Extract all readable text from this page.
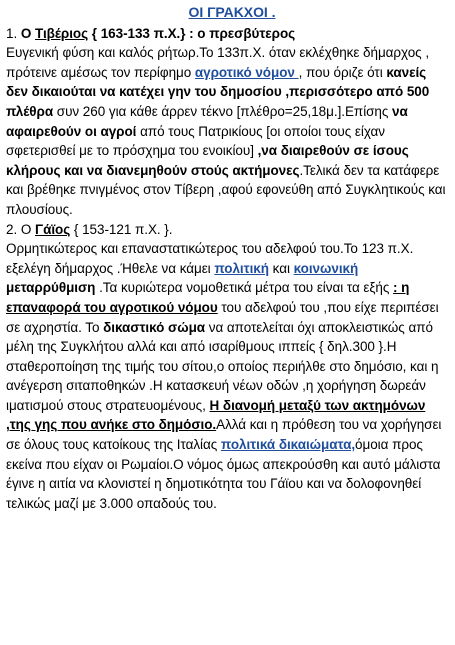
ΟΙ ΓΡΑΚΧΟΙ .

1. Ο Τιβέριος { 163-133 π.Χ.} : ο πρεσβύτερος
Ευγενική φύση και καλός ρήτωρ.Το 133π.Χ. όταν εκλέχθηκε δήμαρχος , πρότεινε αμέσως τον περίφημο αγροτικό νόμον , που όριζε ότι κανείς δεν δικαιούται να κατέχει γην του δημοσίου ,περισσότερο από 500 πλέθρα συν 260 για κάθε άρρεν τέκνο [πλέθρο=25,18μ.].Επίσης να αφαιρεθούν οι αγροί από τους Πατρικίους [οι οποίοι τους είχαν σφετερισθεί με το πρόσχημα του ενοικίου] ,να διαιρεθούν σε ίσους κλήρους και να διανεμηθούν στούς ακτήμονες.Τελικά δεν τα κατάφερε και βρέθηκε πνιγμένος στον Τίβερη ,αφού εφονεύθη από Συγκλητικούς και πλουσίους.

2. Ο Γάϊος { 153-121 π.Χ. }.
Ορμητικώτερος και επαναστατικώτερος του αδελφού του.Το 123 π.Χ. εξελέγη δήμαρχος .Ήθελε να κάμει πολιτική και κοινωνική μεταρρύθμιση .Τα κυριώτερα νομοθετικά μέτρα του είναι τα εξής : η επαναφορά του αγροτικού νόμου του αδελφού του ,που είχε περιπέσει σε αχρηστία. Το δικαστικό σώμα να αποτελείται όχι αποκλειστικώς από μέλη της Συγκλήτου αλλά και από ισαρίθμους ιππείς { δηλ.300 }.Η σταθεροποίηση της τιμής του σίτου,ο οποίος περιήλθε στο δημόσιο, και η ανέγερση σιταποθηκών .Η κατασκευή νέων οδών ,η χορήγηση δωρεάν ιματισμού στους στρατευομένους, Η διανομή μεταξύ των ακτημόνων ,της γης που ανήκε στο δημόσιο.Αλλά και η πρόθεση του να χορήγησει σε όλους τους κατοίκους της Ιταλίας πολιτικά δικαιώματα,όμοια προς εκείνα που είχαν οι Ρωμαίοι.Ο νόμος όμως απεκρούσθη και αυτό μάλιστα έγινε η αιτία να κλονιστεί η δημοτικότητα του Γάϊου και να δολοφονηθεί τελικώς μαζί με 3.000 οπαδούς του.
